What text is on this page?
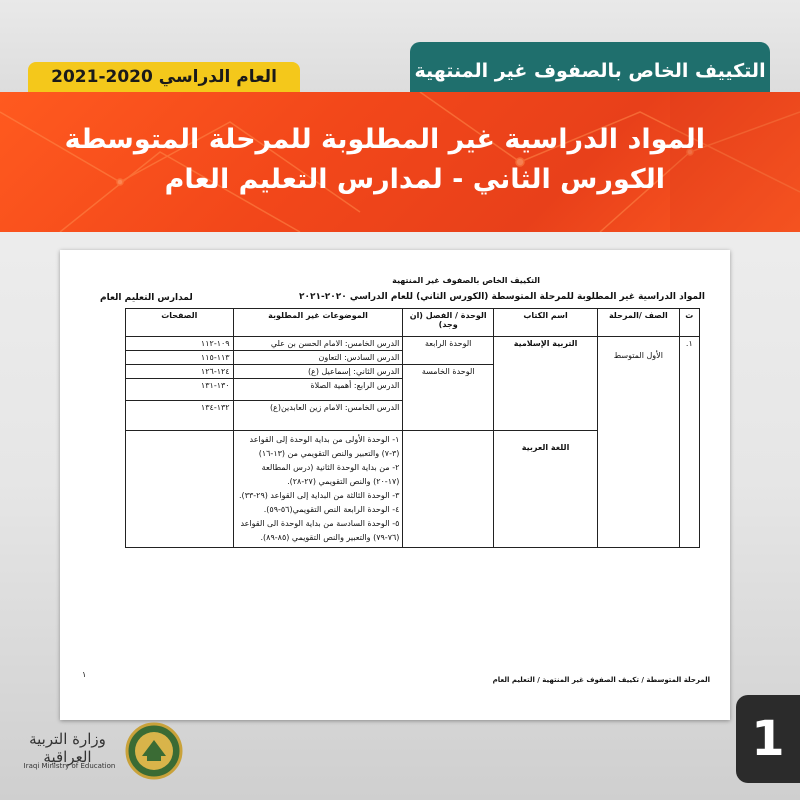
التكييف الخاص بالصفوف غير المنتهية
العام الدراسي 2020-2021
المواد الدراسية غير المطلوبة للمرحلة المتوسطة
الكورس الثاني - لمدارس التعليم العام
التكييف الخاص بالصفوف غير المنتهية
المواد الدراسية غير المطلوبة للمرحلة المتوسطة (الكورس الثاني) للعام الدراسي ٢٠٢٠-٢٠٢١
لمدارس التعليم العام
ت	الصف /المرحلة	اسم الكتاب	الوحدة / الفصل (ان وجد)	الموضوعات غير المطلوبة	الصفحات
١.	الأول المتوسط	التربية الإسلامية	الوحدة الرابعة	الدرس الخامس: الامام الحسن بن علي	١٠٩-١١٢
				الدرس السادس: التعاون	١١٣-١١٥
			الوحدة الخامسة	الدرس الثاني: إسماعيل (ع)	١٢٤-١٢٦
				الدرس الرابع: أهمية الصلاة	١٣٠-١٣١
				الدرس الخامس: الامام زين العابدين(ع)	١٣٢-١٣٤
		اللغة العربية		١- الوحدة الأولى من بداية الوحدة إلى القواعد (٣-٧) والتعبير والنص التقويمي من (١٣-١٦)
٢- من بداية الوحدة الثانية (درس المطالعة (١٧-٢٠) والنص التقويمي (٢٧-٢٨).
٣- الوحدة الثالثة من البداية إلى القواعد (٢٩-٣٣).
٤- الوحدة الرابعة النص التقويمي(٥٦-٥٩).
٥- الوحدة السادسة من بداية الوحدة الى القواعد (٧٦-٧٩) والتعبير والنص التقويمي (٨٥-٨٩).	

١
المرحلة المتوسطة / تكييف الصفوف غير المنتهية / التعليم العام
وزارة التربية العراقية
Iraqi Ministry of Education	1
